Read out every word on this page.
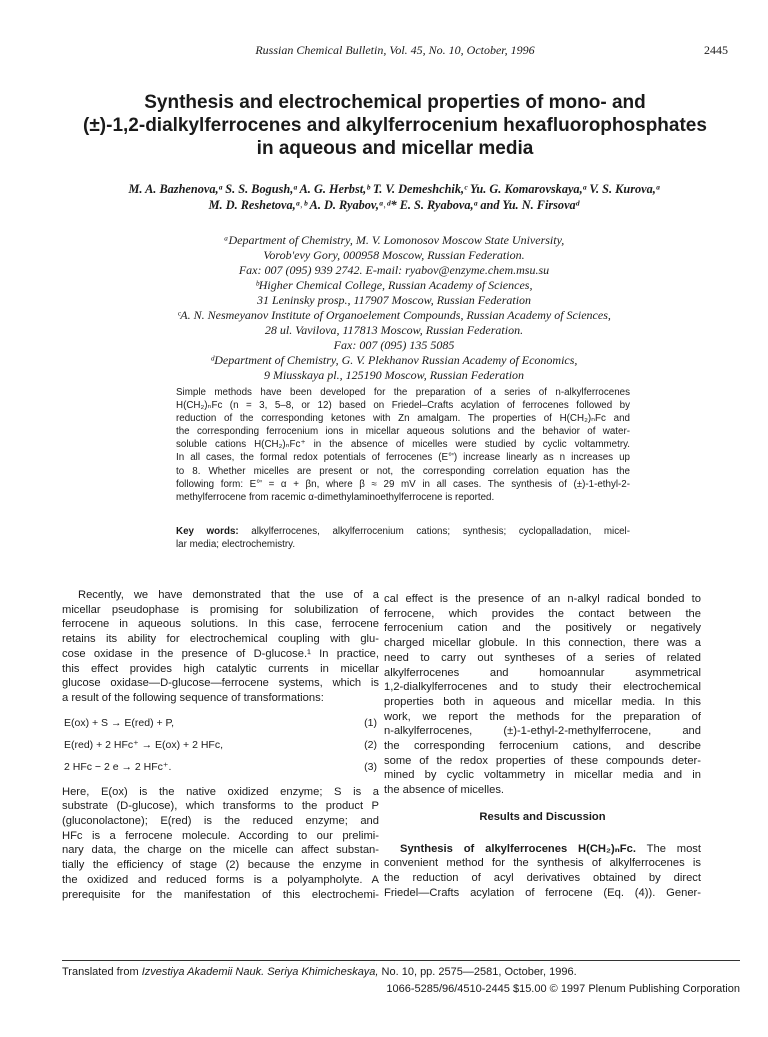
Russian Chemical Bulletin, Vol. 45, No. 10, October, 1996	2445
Synthesis and electrochemical properties of mono- and
(±)-1,2-dialkylferrocenes and alkylferrocenium hexafluorophosphates
in aqueous and micellar media
M. A. Bazhenova,ᵃ S. S. Bogush,ᵃ A. G. Herbst,ᵇ T. V. Demeshchik,ᶜ Yu. G. Komarovskaya,ᵃ V. S. Kurova,ᵃ
M. D. Reshetova,ᵃ˒ᵇ A. D. Ryabov,ᵃ˒ᵈ* E. S. Ryabova,ᵃ and Yu. N. Firsovaᵈ
ᵃDepartment of Chemistry, M. V. Lomonosov Moscow State University,
Vorob'evy Gory, 000958 Moscow, Russian Federation.
Fax: 007 (095) 939 2742. E-mail: ryabov@enzyme.chem.msu.su
ᵇHigher Chemical College, Russian Academy of Sciences,
31 Leninsky prosp., 117907 Moscow, Russian Federation
ᶜA. N. Nesmeyanov Institute of Organoelement Compounds, Russian Academy of Sciences,
28 ul. Vavilova, 117813 Moscow, Russian Federation.
Fax: 007 (095) 135 5085
ᵈDepartment of Chemistry, G. V. Plekhanov Russian Academy of Economics,
9 Miusskaya pl., 125190 Moscow, Russian Federation
Simple methods have been developed for the preparation of a series of n-alkylferrocenes
H(CH₂)ₙFc (n = 3, 5–8, or 12) based on Friedel–Crafts acylation of ferrocenes followed by
reduction of the corresponding ketones with Zn amalgam. The properties of H(CH₂)ₙFc and
the corresponding ferrocenium ions in micellar aqueous solutions and the behavior of water-
soluble cations H(CH₂)ₙFc⁺ in the absence of micelles were studied by cyclic voltammetry.
In all cases, the formal redox potentials of ferrocenes (E°') increase linearly as n increases up
to 8. Whether micelles are present or not, the corresponding correlation equation has the
following form: E°' = α + βn, where β ≈ 29 mV in all cases. The synthesis of (±)-1-ethyl-2-
methylferrocene from racemic α-dimethylaminoethylferrocene is reported.
Key words: alkylferrocenes, alkylferrocenium cations; synthesis; cyclopalladation, micel-
lar media; electrochemistry.
Recently, we have demonstrated that the use of a
micellar pseudophase is promising for solubilization of
ferrocene in aqueous solutions. In this case, ferrocene
retains its ability for electrochemical coupling with glu-
cose oxidase in the presence of D-glucose.¹ In practice,
this effect provides high catalytic currents in micellar
glucose oxidase—D-glucose—ferrocene systems, which is
a result of the following sequence of transformations:
E(ox) + S → E(red) + P,	(1)
E(red) + 2 HFc⁺ → E(ox) + 2 HFc,	(2)
2 HFc − 2 e → 2 HFc⁺.	(3)
Here, E(ox) is the native oxidized enzyme; S is a
substrate (D-glucose), which transforms to the product P
(gluconolactone); E(red) is the reduced enzyme; and
HFc is a ferrocene molecule. According to our prelimi-
nary data, the charge on the micelle can affect substan-
tially the efficiency of stage (2) because the enzyme in
the oxidized and reduced forms is a polyampholyte. A
prerequisite for the manifestation of this electrochemi-
cal effect is the presence of an n-alkyl radical bonded to
ferrocene, which provides the contact between the
ferrocenium cation and the positively or negatively
charged micellar globule. In this connection, there was a
need to carry out syntheses of a series of related
alkylferrocenes and homoannular asymmetrical
1,2-dialkylferrocenes and to study their electrochemical
properties both in aqueous and micellar media. In this
work, we report the methods for the preparation of
n-alkylferrocenes, (±)-1-ethyl-2-methylferrocene, and
the corresponding ferrocenium cations, and describe
some of the redox properties of these compounds deter-
mined by cyclic voltammetry in micellar media and in
the absence of micelles.
Results and Discussion
Synthesis of alkylferrocenes H(CH₂)ₙFc. The most
convenient method for the synthesis of alkylferrocenes is
the reduction of acyl derivatives obtained by direct
Friedel—Crafts acylation of ferrocene (Eq. (4)). Gener-
Translated from Izvestiya Akademii Nauk. Seriya Khimicheskaya, No. 10, pp. 2575—2581, October, 1996.
1066-5285/96/4510-2445 $15.00 © 1997 Plenum Publishing Corporation
